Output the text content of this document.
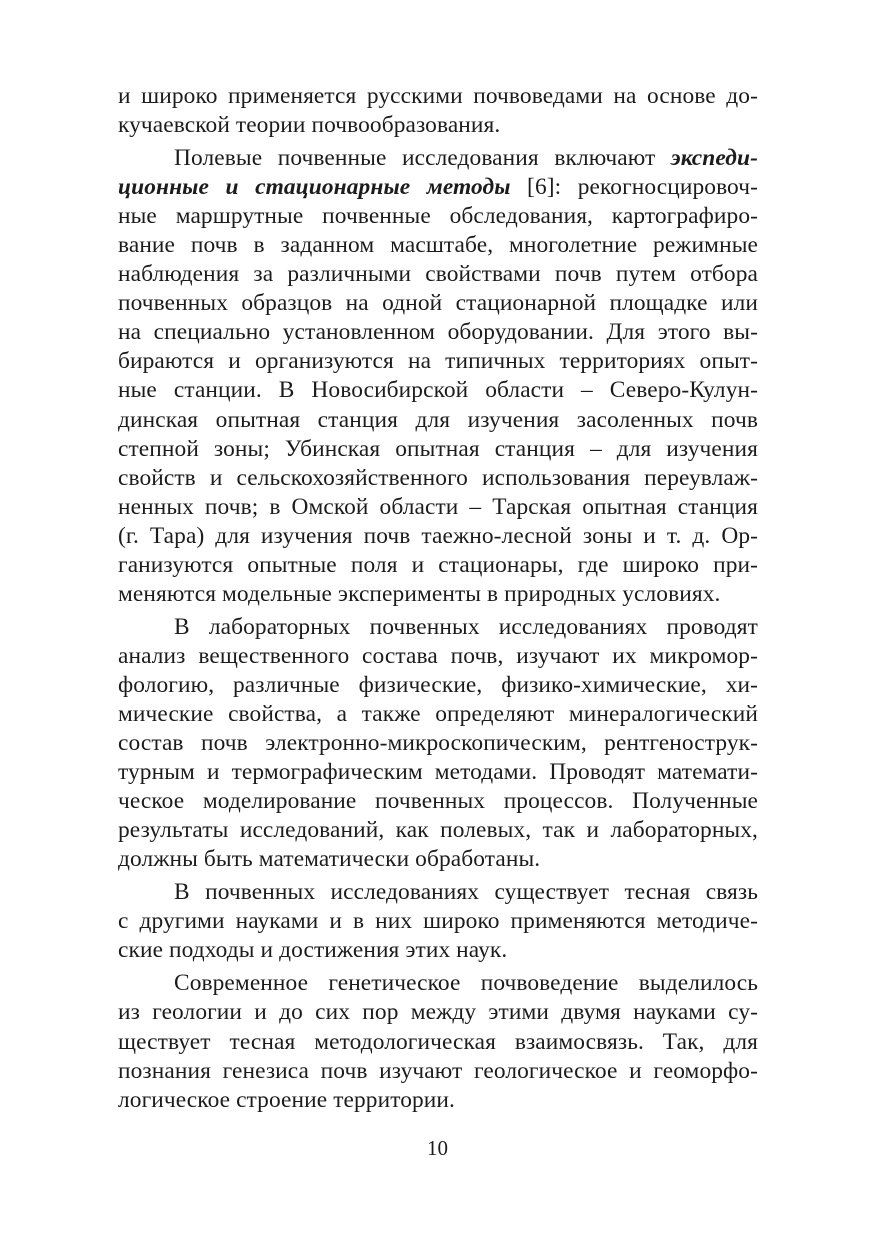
и широко применяется русскими почвоведами на основе до-
кучаевской теории почвообразования.
Полевые почвенные исследования включают экспеди-
ционные и стационарные методы [6]: рекогносцировоч-
ные маршрутные почвенные обследования, картографиро-
вание почв в заданном масштабе, многолетние режимные
наблюдения за различными свойствами почв путем отбора
почвенных образцов на одной стационарной площадке или
на специально установленном оборудовании. Для этого вы-
бираются и организуются на типичных территориях опыт-
ные станции. В Новосибирской области – Северо-Кулун-
динская опытная станция для изучения засоленных почв
степной зоны; Убинская опытная станция – для изучения
свойств и сельскохозяйственного использования переувлаж-
ненных почв; в Омской области – Тарская опытная станция
(г. Тара) для изучения почв таежно-лесной зоны и т. д. Ор-
ганизуются опытные поля и стационары, где широко при-
меняются модельные эксперименты в природных условиях.
В лабораторных почвенных исследованиях проводят
анализ вещественного состава почв, изучают их микромор-
фологию, различные физические, физико-химические, хи-
мические свойства, а также определяют минералогический
состав почв электронно-микроскопическим, рентгенострук-
турным и термографическим методами. Проводят математи-
ческое моделирование почвенных процессов. Полученные
результаты исследований, как полевых, так и лабораторных,
должны быть математически обработаны.
В почвенных исследованиях существует тесная связь
с другими науками и в них широко применяются методиче-
ские подходы и достижения этих наук.
Современное генетическое почвоведение выделилось
из геологии и до сих пор между этими двумя науками су-
ществует тесная методологическая взаимосвязь. Так, для
познания генезиса почв изучают геологическое и геоморфо-
логическое строение территории.
10
